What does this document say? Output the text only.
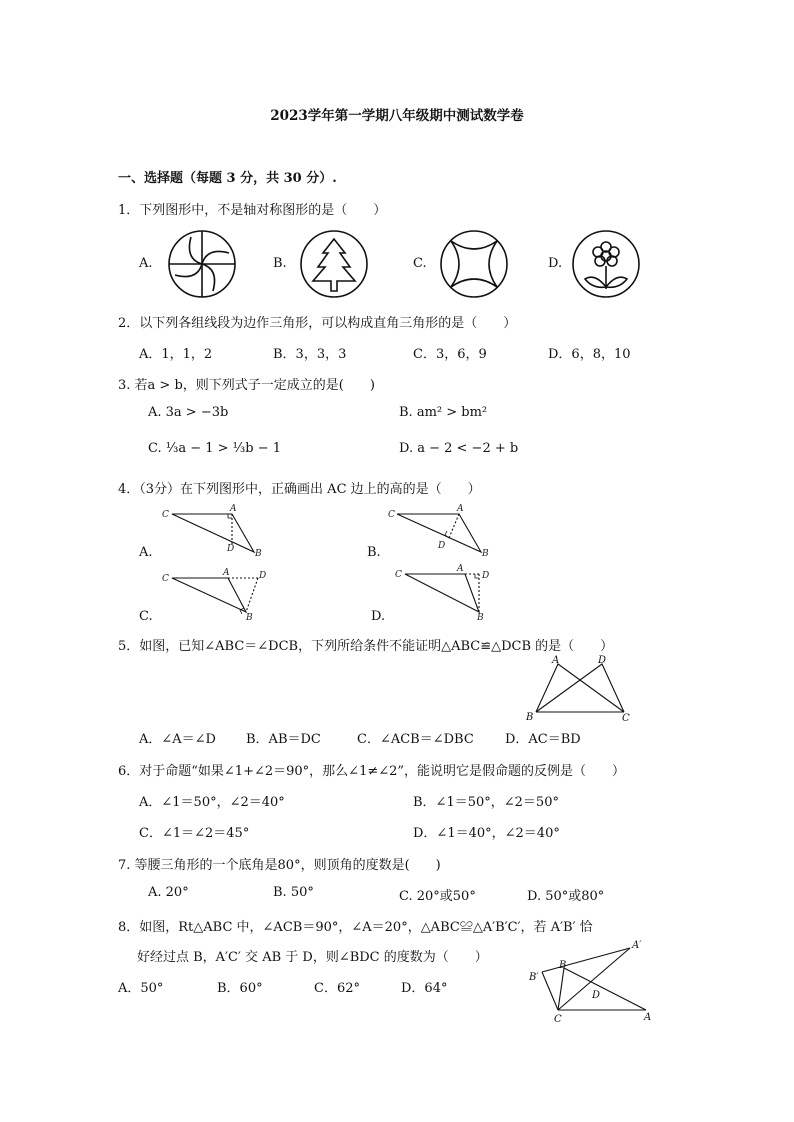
2023学年第一学期八年级期中测试数学卷
一、选择题（每题 3 分，共 30 分）.
1．下列图形中，不是轴对称图形的是（　　）
A.	B.	C.	D.
2．以下列各组线段为边作三角形，可以构成直角三角形的是（　　）
A．1，1，2	B．3，3，3	C．3，6，9	D．6，8，10
3. 若a > b，则下列式子一定成立的是(　　)
A. 3a > −3b	B. am² > bm²
C. ⅓a − 1 > ⅓b − 1	D. a − 2 < −2 + b
4．（3分）在下列图形中，正确画出 AC 边上的高的是（　　）
A.	B.
C.	D.
C
A
B
D
C
A
B
D
C
A
B
D	C
A
B
D
5．如图，已知∠ABC＝∠DCB，下列所给条件不能证明△ABC≌△DCB 的是（　　）
A	D
B	C
A．∠A＝∠D B．AB＝DC	C．∠ACB＝∠DBC D．AC＝BD
6．对于命题“如果∠1+∠2＝90°，那么∠1≠∠2”，能说明它是假命题的反例是（　　）
A．∠1＝50°，∠2＝40°	B．∠1＝50°，∠2＝50°
C．∠1＝∠2＝45°	D．∠1＝40°，∠2＝40°
7. 等腰三角形的一个底角是80°，则顶角的度数是(　　)
A. 20°	B. 50°	C. 20°或50°	D. 50°或80°
8．如图，Rt△ABC 中，∠ACB＝90°，∠A＝20°，△ABC≌△A′B′C′，若 A′B′ 恰
好经过点 B，A′C′ 交 AB 于 D，则∠BDC 的度数为（　　）
A．50°	B．60°	C．62°	D．64°
A′
B′
B
D
C	A
